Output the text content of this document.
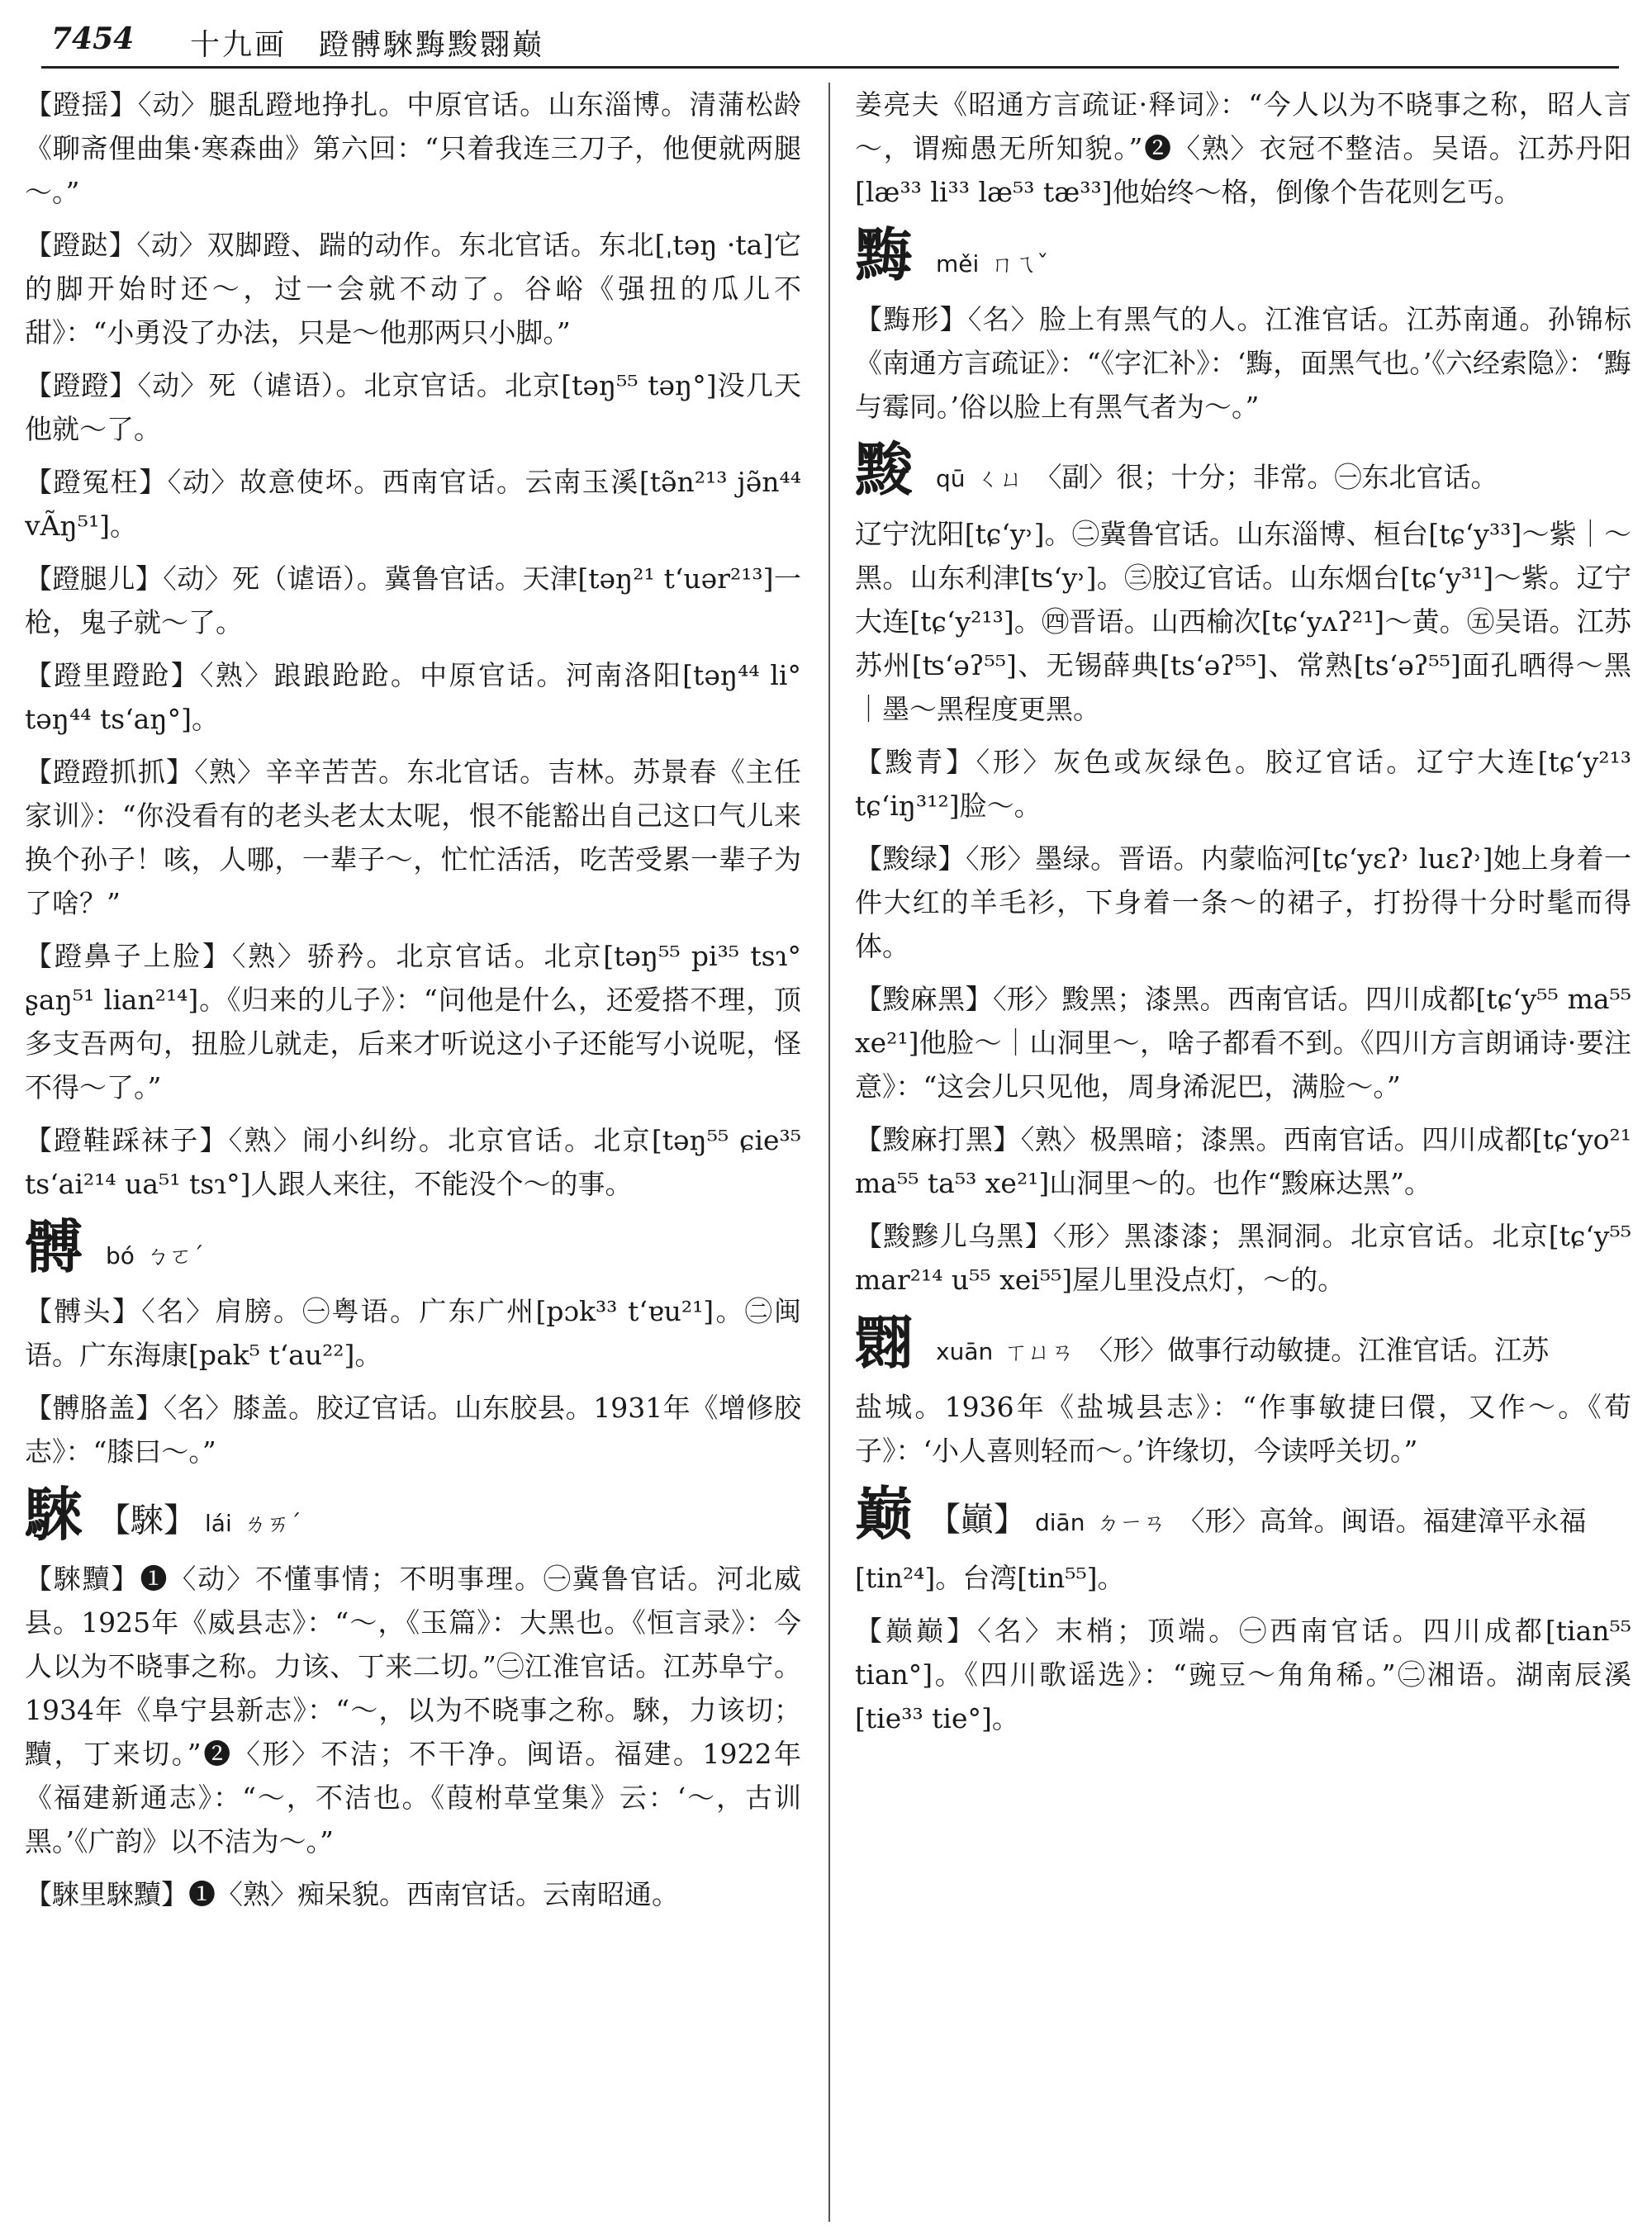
7454 十九画　蹬髆騋黣黢翾巅
【蹬揺】〈动〉腿乱蹬地挣扎。中原官话。山东淄博。清蒲松龄《聊斋俚曲集·寒森曲》第六回：“只着我连三刀子，他便就两腿～。”
【蹬跶】〈动〉双脚蹬、踹的动作。东北官话。东北[ˌtəŋ ·ta]它的脚开始时还～，过一会就不动了。谷峪《强扭的瓜儿不甜》：“小勇没了办法，只是～他那两只小脚。”
【蹬蹬】〈动〉死（谑语）。北京官话。北京[təŋ⁵⁵ təŋ°]没几天他就～了。
【蹬冤枉】〈动〉故意使坏。西南官话。云南玉溪[tə̃n²¹³ jə̃n⁴⁴ vÃŋ⁵¹]。
【蹬腿儿】〈动〉死（谑语）。冀鲁官话。天津[təŋ²¹ t‘uər²¹³]一枪，鬼子就～了。
【蹬里蹬跄】〈熟〉踉踉跄跄。中原官话。河南洛阳[təŋ⁴⁴ li° təŋ⁴⁴ ts‘aŋ°]。
【蹬蹬抓抓】〈熟〉辛辛苦苦。东北官话。吉林。苏景春《主任家训》：“你没看有的老头老太太呢，恨不能豁出自己这口气儿来换个孙子！咳，人哪，一辈子～，忙忙活活，吃苦受累一辈子为了啥？”
【蹬鼻子上脸】〈熟〉骄矜。北京官话。北京[təŋ⁵⁵ pi³⁵ tsɿ° ʂaŋ⁵¹ lian²¹⁴]。《归来的儿子》：“问他是什么，还爱搭不理，顶多支吾两句，扭脸儿就走，后来才听说这小子还能写小说呢，怪不得～了。”
【蹬鞋踩袜子】〈熟〉闹小纠纷。北京官话。北京[təŋ⁵⁵ ɕie³⁵ ts‘ai²¹⁴ ua⁵¹ tsɿ°]人跟人来往，不能没个～的事。
髆 bó ㄅㄛˊ
【髆头】〈名〉肩膀。㊀粤语。广东广州[pɔk³³ t‘ɐu²¹]。㊁闽语。广东海康[pak⁵ t‘au²²]。
【髆胳盖】〈名〉膝盖。胶辽官话。山东胶县。1931年《增修胶志》：“膝曰～。”
騋 【騋】 lái ㄌㄞˊ
【騋黷】❶〈动〉不懂事情；不明事理。㊀冀鲁官话。河北威县。1925年《威县志》：“～，《玉篇》：大黑也。《恒言录》：今人以为不晓事之称。力该、丁来二切。”㊁江淮官话。江苏阜宁。1934年《阜宁县新志》：“～，以为不晓事之称。騋，力该切；黷，丁来切。”❷〈形〉不洁；不干净。闽语。福建。1922年《福建新通志》：“～，不洁也。《葭柎草堂集》云：‘～，古训黑。’《广韵》以不洁为～。”
【騋里騋黷】❶〈熟〉痴呆貌。西南官话。云南昭通。
姜亮夫《昭通方言疏证·释词》：“今人以为不晓事之称，昭人言～，谓痴愚无所知貌。”❷〈熟〉衣冠不整洁。吴语。江苏丹阳[læ³³ li³³ læ⁵³ tæ³³]他始终～格，倒像个告花则乞丐。
黣 měi ㄇㄟˇ
【黣形】〈名〉脸上有黑气的人。江淮官话。江苏南通。孙锦标《南通方言疏证》：“《字汇补》：‘黣，面黑气也。’《六经索隐》：‘黣与霉同。’俗以脸上有黑气者为～。”
黢 qū ㄑㄩ 〈副〉很；十分；非常。㊀东北官话。
辽宁沈阳[tɕ‘y˒]。㊁冀鲁官话。山东淄博、桓台[tɕ‘y³³]～紫｜～黑。山东利津[ʦ‘y˒]。㊂胶辽官话。山东烟台[tɕ‘y³¹]～紫。辽宁大连[tɕ‘y²¹³]。㊃晋语。山西榆次[tɕ‘yʌʔ²¹]～黄。㊄吴语。江苏苏州[ʦ‘əʔ⁵⁵]、无锡薛典[ts‘əʔ⁵⁵]、常熟[ts‘əʔ⁵⁵]面孔晒得～黑｜墨～黑程度更黑。
【黢青】〈形〉灰色或灰绿色。胶辽官话。辽宁大连[tɕ‘y²¹³ tɕ‘iŋ³¹²]脸～。
【黢绿】〈形〉墨绿。晋语。内蒙临河[tɕ‘yɛʔ˒ luɛʔ˒]她上身着一件大红的羊毛衫，下身着一条～的裙子，打扮得十分时髦而得体。
【黢麻黑】〈形〉黢黑；漆黑。西南官话。四川成都[tɕ‘y⁵⁵ ma⁵⁵ xe²¹]他脸～｜山洞里～，啥子都看不到。《四川方言朗诵诗·要注意》：“这会儿只见他，周身浠泥巴，满脸～。”
【黢麻打黑】〈熟〉极黑暗；漆黑。西南官话。四川成都[tɕ‘yo²¹ ma⁵⁵ ta⁵³ xe²¹]山洞里～的。也作“黢麻达黑”。
【黢黲儿乌黑】〈形〉黑漆漆；黑洞洞。北京官话。北京[tɕ‘y⁵⁵ mar²¹⁴ u⁵⁵ xei⁵⁵]屋儿里没点灯，～的。
翾 xuān ㄒㄩㄢ 〈形〉做事行动敏捷。江淮官话。江苏
盐城。1936年《盐城县志》：“作事敏捷曰儇，又作～。《荀子》：‘小人喜则轻而～。’许缘切，今读呼关切。”
巅 【巓】 diān ㄉㄧㄢ 〈形〉高耸。闽语。福建漳平永福
[tin²⁴]。台湾[tin⁵⁵]。
【巅巅】〈名〉末梢；顶端。㊀西南官话。四川成都[tian⁵⁵ tian°]。《四川歌谣选》：“豌豆～角角稀。”㊁湘语。湖南辰溪[tie³³ tie°]。
